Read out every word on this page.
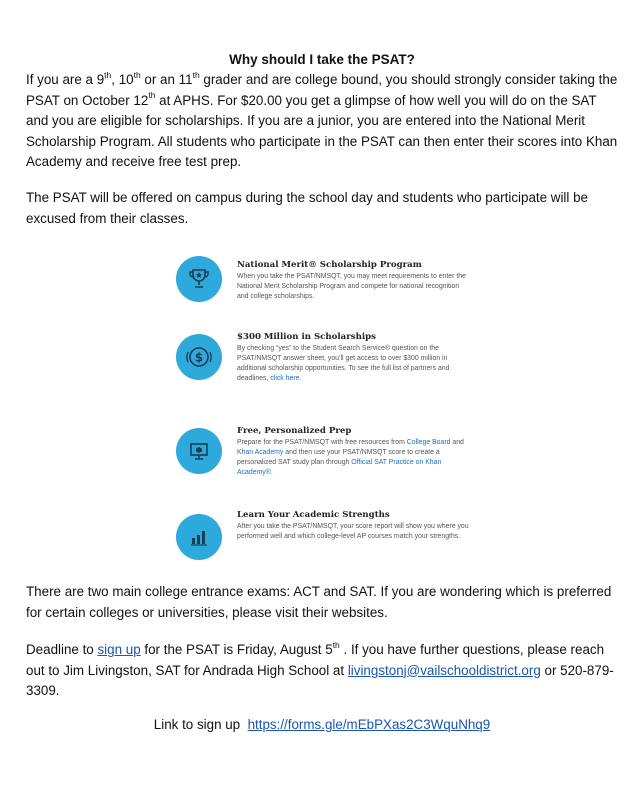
Why should I take the PSAT?

If you are a 9th, 10th or an 11th grader and are college bound, you should strongly consider taking the PSAT on October 12th at APHS. For $20.00 you get a glimpse of how well you will do on the SAT and you are eligible for scholarships. If you are a junior, you are entered into the National Merit Scholarship Program. All students who participate in the PSAT can then enter their scores into Khan Academy and receive free test prep.

The PSAT will be offered on campus during the school day and students who participate will be excused from their classes.

National Merit® Scholarship Program
When you take the PSAT/NMSQT, you may meet requirements to enter the National Merit Scholarship Program and compete for national recognition and college scholarships.
$
$300 Million in Scholarships
By checking “yes” to the Student Search Service® question on the PSAT/NMSQT answer sheet, you’ll get access to over $300 million in additional scholarship opportunities. To see the full list of partners and deadlines, click here.
Free, Personalized Prep
Prepare for the PSAT/NMSQT with free resources from College Board and Khan Academy and then use your PSAT/NMSQT score to create a personalized SAT study plan through Official SAT Practice on Khan Academy®.
Learn Your Academic Strengths
After you take the PSAT/NMSQT, your score report will show you where you performed well and which college-level AP courses match your strengths.

There are two main college entrance exams: ACT and SAT. If you are wondering which is preferred for certain colleges or universities, please visit their websites.

Deadline to sign up for the PSAT is Friday, August 5th . If you have further questions, please reach out to Jim Livingston, SAT for Andrada High School at livingstonj@vailschooldistrict.org or 520-879-3309.

Link to sign up  https://forms.gle/mEbPXas2C3WquNhq9
